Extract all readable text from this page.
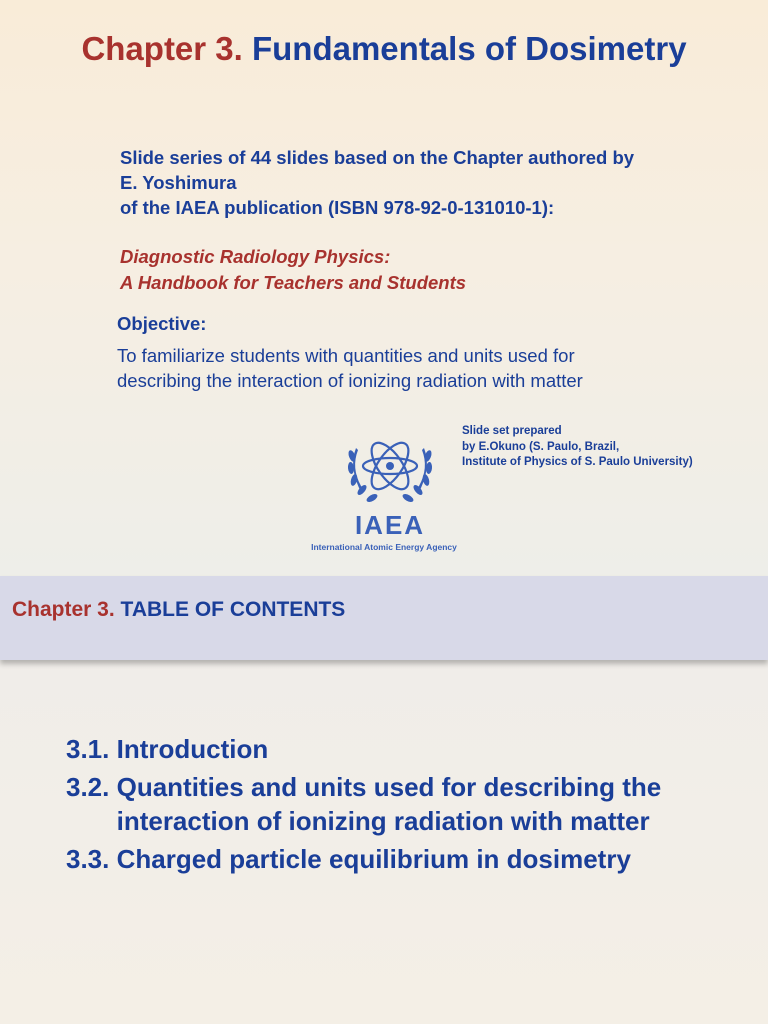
Chapter 3. Fundamentals of Dosimetry
Slide series of 44 slides based on the Chapter authored by
E. Yoshimura
of the IAEA publication (ISBN 978-92-0-131010-1):
Diagnostic Radiology Physics:
A Handbook for Teachers and Students
Objective:
To familiarize students with quantities and units used for
describing the interaction of ionizing radiation with matter
IAEA
International Atomic Energy Agency
Slide set prepared
by E.Okuno (S. Paulo, Brazil,
Institute of Physics of S. Paulo University)
Chapter 3. TABLE OF CONTENTS
3.1. Introduction
3.2. Quantities and units used for describing the interaction of ionizing radiation with matter
3.3. Charged particle equilibrium in dosimetry
